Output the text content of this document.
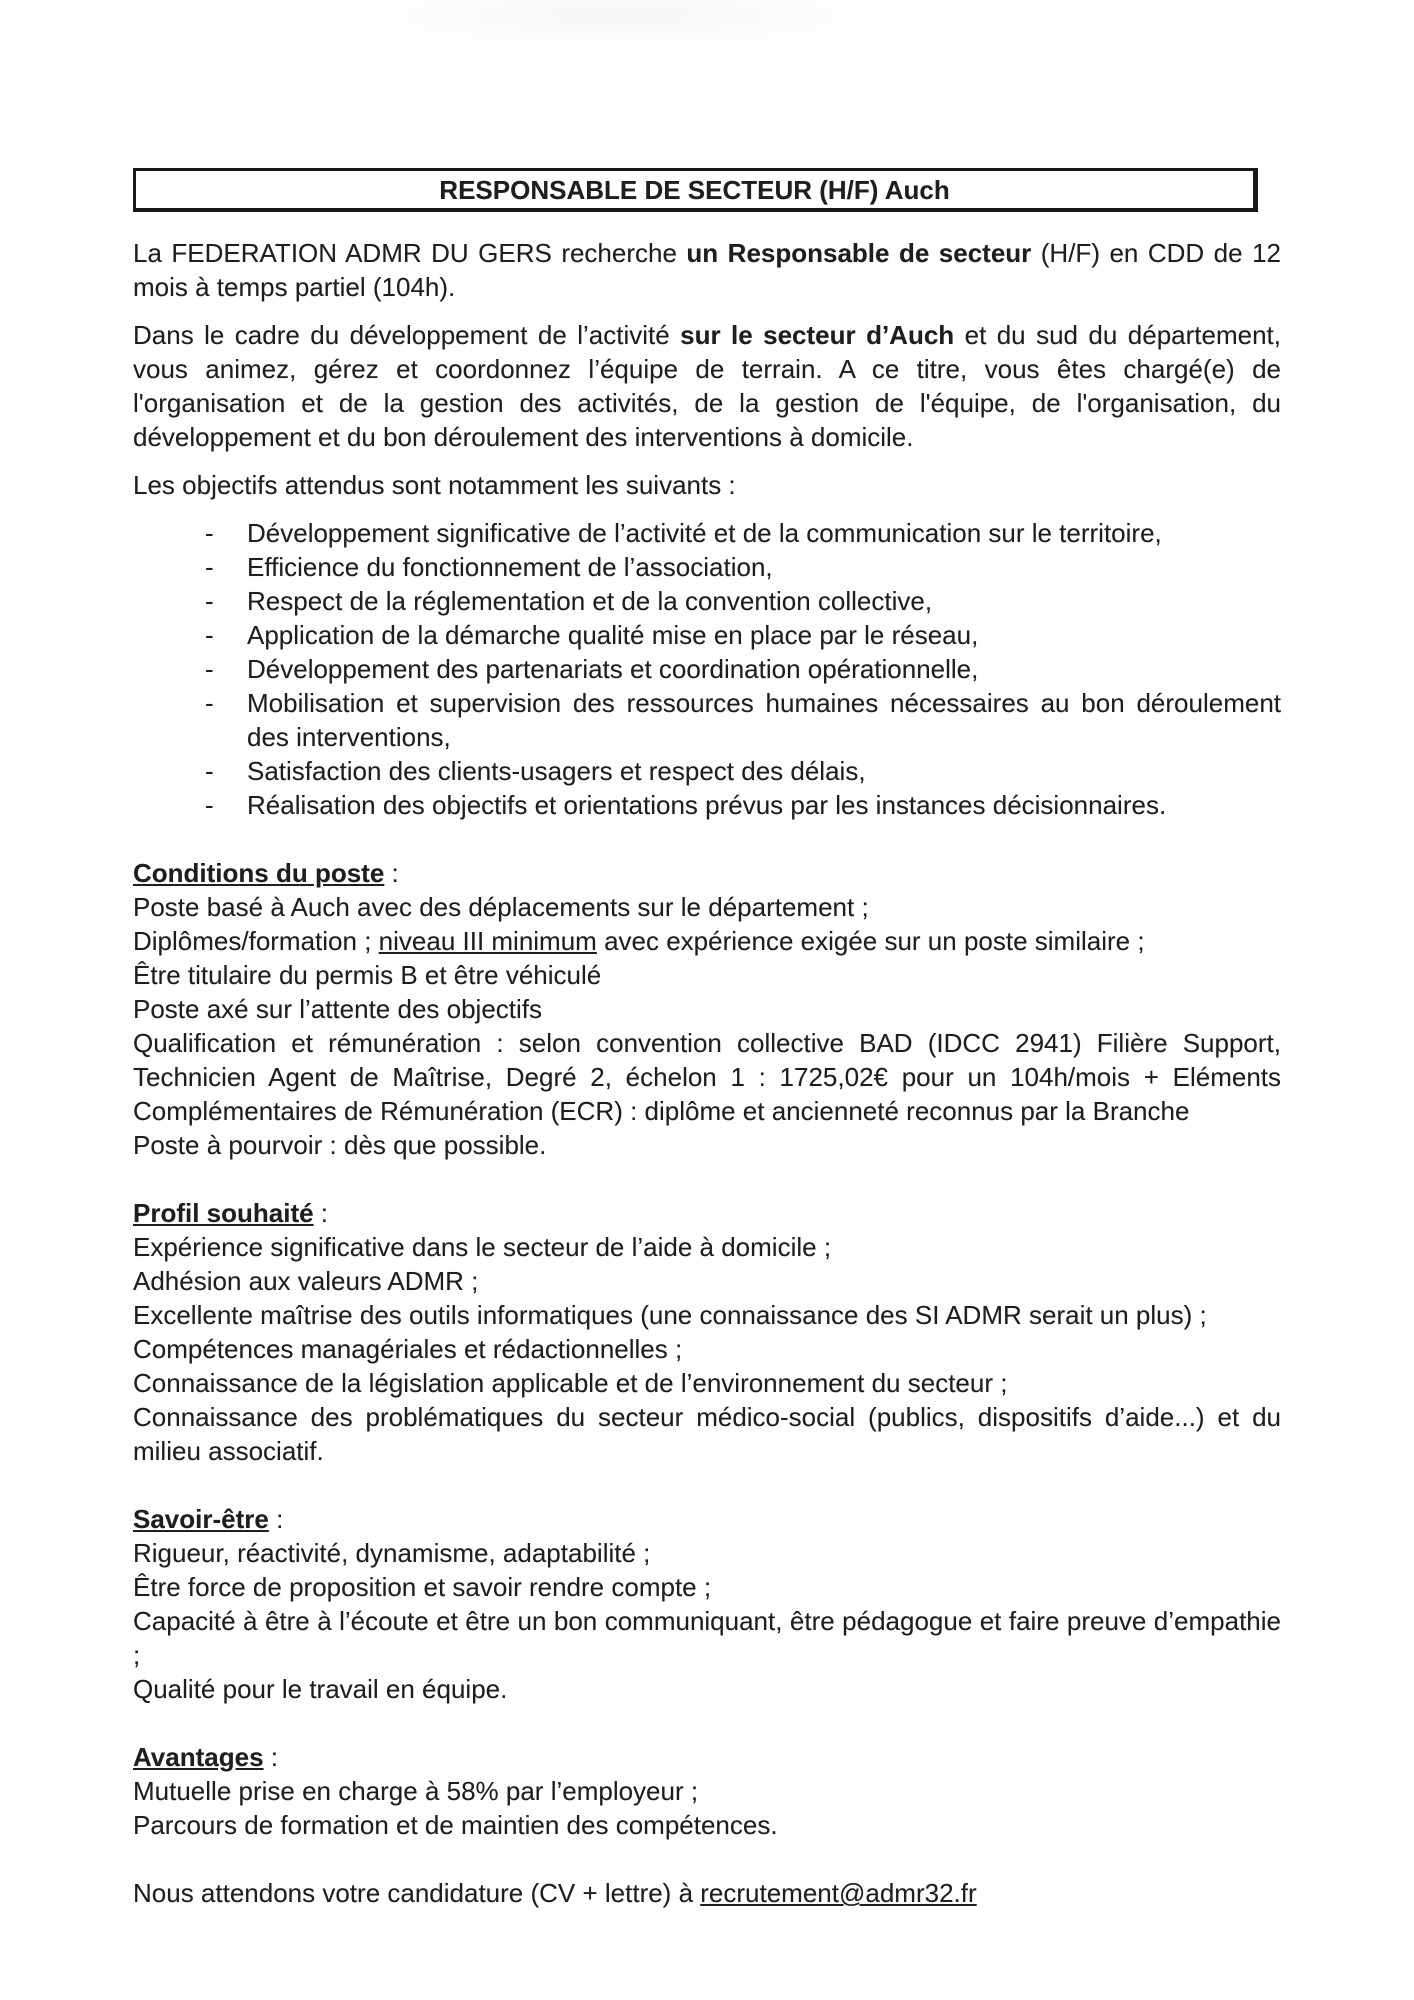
RESPONSABLE DE SECTEUR (H/F) Auch

La FEDERATION ADMR DU GERS recherche un Responsable de secteur (H/F) en CDD de 12 mois à temps partiel (104h).

Dans le cadre du développement de l’activité sur le secteur d’Auch et du sud du département, vous animez, gérez et coordonnez l’équipe de terrain. A ce titre, vous êtes chargé(e) de l'organisation et de la gestion des activités, de la gestion de l'équipe, de l'organisation, du développement et du bon déroulement des interventions à domicile.

Les objectifs attendus sont notamment les suivants :

-	Développement significative de l’activité et de la communication sur le territoire,
-	Efficience du fonctionnement de l’association,
-	Respect de la réglementation et de la convention collective,
-	Application de la démarche qualité mise en place par le réseau,
-	Développement des partenariats et coordination opérationnelle,
-	Mobilisation et supervision des ressources humaines nécessaires au bon déroulement des interventions,
-	Satisfaction des clients-usagers et respect des délais,
-	Réalisation des objectifs et orientations prévus par les instances décisionnaires.
Conditions du poste :
Poste basé à Auch avec des déplacements sur le département ;
Diplômes/formation ; niveau III minimum avec expérience exigée sur un poste similaire ;
Être titulaire du permis B et être véhiculé
Poste axé sur l’attente des objectifs
Qualification et rémunération : selon convention collective BAD (IDCC 2941) Filière Support, Technicien Agent de Maîtrise, Degré 2, échelon 1 : 1725,02€ pour un 104h/mois + Eléments Complémentaires de Rémunération (ECR) : diplôme et ancienneté reconnus par la Branche
Poste à pourvoir : dès que possible.
Profil souhaité :
Expérience significative dans le secteur de l’aide à domicile ;
Adhésion aux valeurs ADMR ;
Excellente maîtrise des outils informatiques (une connaissance des SI ADMR serait un plus) ;
Compétences managériales et rédactionnelles ;
Connaissance de la législation applicable et de l’environnement du secteur ;
Connaissance des problématiques du secteur médico-social (publics, dispositifs d’aide...) et du milieu associatif.
Savoir-être :
Rigueur, réactivité, dynamisme, adaptabilité ;
Être force de proposition et savoir rendre compte ;
Capacité à être à l’écoute et être un bon communiquant, être pédagogue et faire preuve d’empathie ;
Qualité pour le travail en équipe.
Avantages :
Mutuelle prise en charge à 58% par l’employeur ;
Parcours de formation et de maintien des compétences.

Nous attendons votre candidature (CV + lettre) à recrutement@admr32.fr
